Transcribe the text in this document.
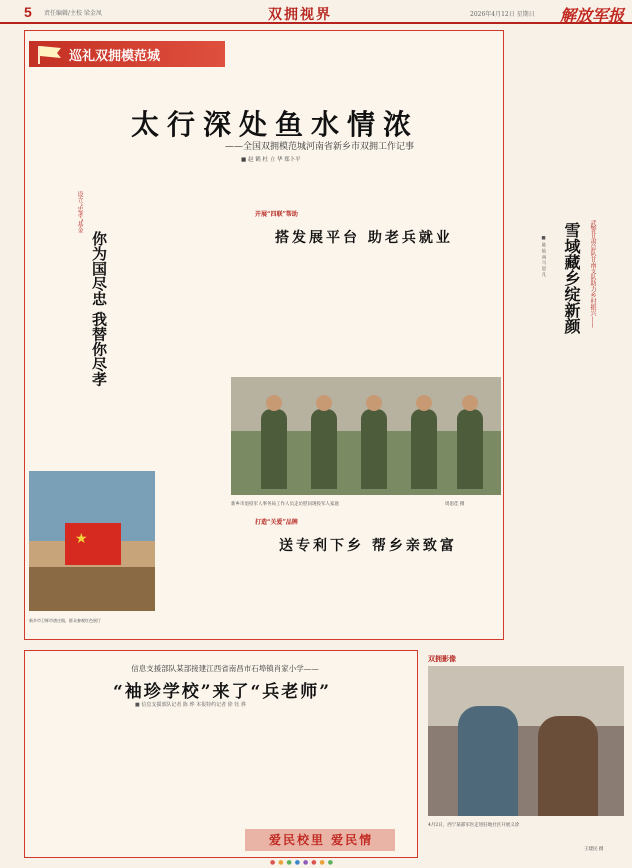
5 责任编辑/主校 梁金凤	双拥视界	2026年4月12日 星期日 解放军报
巡礼双拥模范城
太行深处鱼水情浓
——全国双拥模范城河南省新乡市双拥工作记事
■ 赵 鹤 杜 立 华 郑卜平
设立“忠孝”基金
你为国尽忠 我替你尽孝
★
新乡市卫辉市唐庄镇，群众参观红色展厅
开展“四联”帮助
搭发展平台 助老兵就业
新乡市退役军人事务局工作人员走访慰问现役军人家庭	周思佳 摄
打造“关爱”品牌
送专利下乡 帮乡亲致富
信息支援部队某部接建江西省南昌市石埠镇肖家小学——
“袖珍学校”来了“兵老师”
■ 信息支援部队记者 陈 烨 本报特约记者 徐 钰 骅
爱民校里 爱民情
武警甘肃总队甘南支队助力乡村振兴——
雪域藏乡绽新颜
■ 陈 灿 南 马 思 凡
双拥影像
4月2日，西宁某部军医走进驻地社区开展义诊
王建民 摄
●●●●●●●●
